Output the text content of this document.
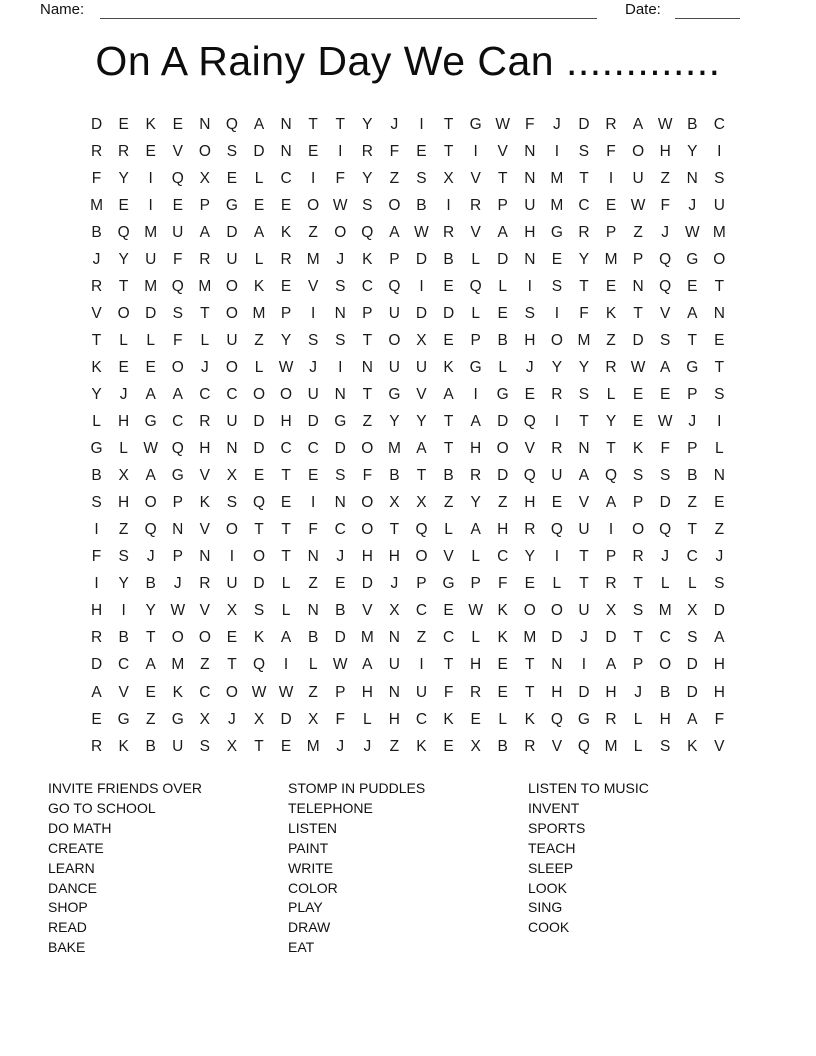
Name:	Date:
On A Rainy Day We Can .............
D	E	K	E	N Q	A	N	T	T	Y	J	I	T	G W F	J	D	R	A W B	C
R	R	E	V	O	S	D	N	E	I	R	F	E	T	I	V	N	I	S	F	O H	Y	I
F	Y	I	Q	X	E	L	C	I	F	Y	Z	S	X	V	T	N M	T	I	U	Z	N	S
M E	I	E	P	G	E	E	O W S	O	B	I	R	P	U M C	E W F	J	U
B	Q M U	A	D	A	K	Z	O Q	A W R	V	A	H G R	P	Z	J	W M
J	Y	U	F	R	U	L	R M	J	K	P	D	B	L	D	N	E	Y M P	Q G O
R	T	M Q M O	K	E	V	S	C Q	I	E	Q	L	I	S	T	E	N Q	E	T
V	O D	S	T	O M P	I	N	P	U	D	D	L	E	S	I	F	K	T	V	A	N
T	L	L	F	L	U	Z	Y	S	S	T	O	X	E	P	B	H O M	Z	D	S	T	E
K	E	E	O	J	O	L W	J	I	N	U	U	K	G	L	J	Y	Y	R W A	G	T
Y	J	A	A	C	C O O U	N	T	G	V	A	I	G	E	R	S	L	E	E	P	S
L	H G C	R	U	D	H	D G	Z	Y	Y	T	A	D Q	I	T	Y	E W	J	I
G	L W Q H	N	D	C	C	D O M A	T	H O	V	R	N	T	K	F	P	L
B	X	A	G	V	X	E	T	E	S	F	B	T	B	R	D Q U	A	Q	S	S	B	N
S	H O	P	K	S	Q	E	I	N O	X	X	Z	Y	Z	H	E	V	A	P	D	Z	E
I	Z	Q N	V	O	T	T	F	C O	T	Q	L	A	H	R Q U	I	O Q	T	Z
F	S	J	P	N	I	O	T	N	J	H	H O	V	L	C	Y	I	T	P	R	J	C	J
I	Y	B	J	R	U	D	L	Z	E	D	J	P	G	P	F	E	L	T	R	T	L	L	S
H	I	Y W V	X	S	L	N	B	V	X	C	E W K	O O U	X	S M X	D
R	B	T	O O	E	K	A	B	D M N	Z	C	L	K M D	J	D	T	C	S	A
D	C	A M	Z	T	Q	I	L W A	U	I	T	H	E	T	N	I	A	P	O D	H
A	V	E	K	C O W W Z	P	H	N	U	F	R	E	T	H	D	H	J	B	D	H
E	G	Z	G	X	J	X	D	X	F	L	H	C	K	E	L	K	Q G R	L	H	A	F
R	K	B	U	S	X	T	E M	J	J	Z	K	E	X	B	R	V	Q M	L	S	K	V
INVITE FRIENDS OVER
GO TO SCHOOL
DO MATH
CREATE
LEARN
DANCE
SHOP
READ
BAKE
STOMP IN PUDDLES
TELEPHONE
LISTEN
PAINT
WRITE
COLOR
PLAY
DRAW
EAT
LISTEN TO MUSIC
INVENT
SPORTS
TEACH
SLEEP
LOOK
SING
COOK
